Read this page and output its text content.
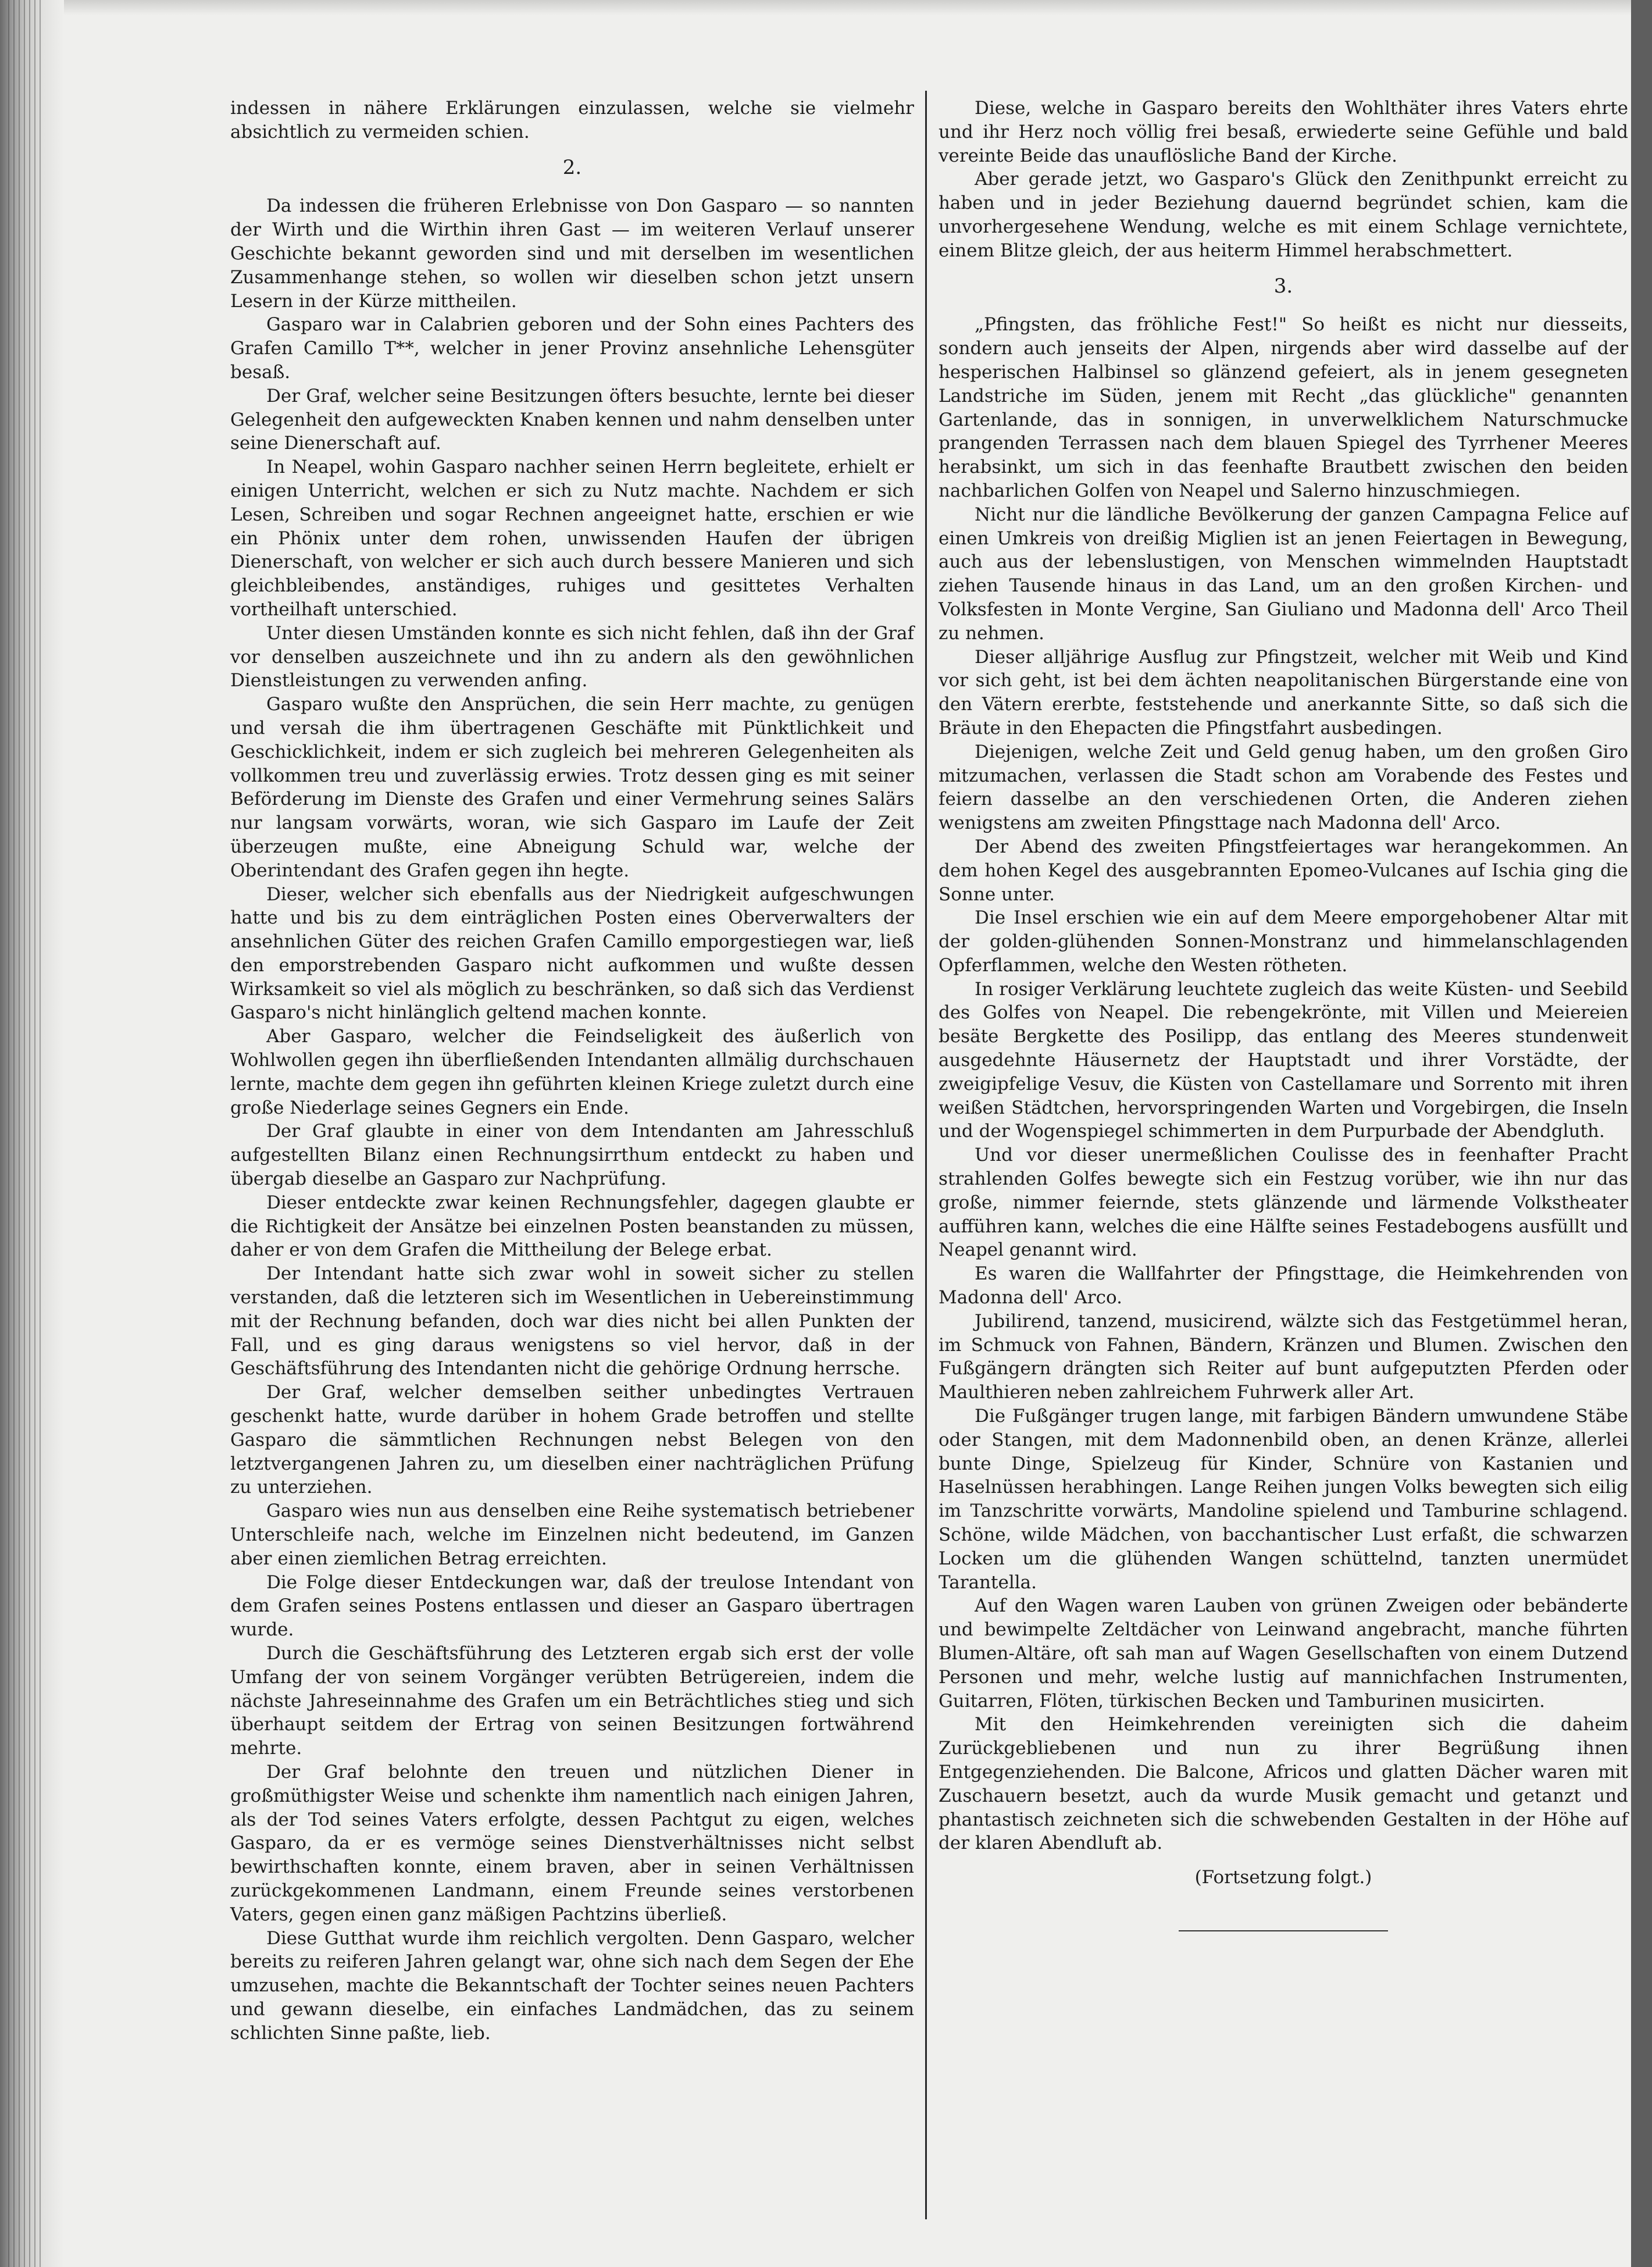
indessen in nähere Erklärungen einzulassen, welche sie vielmehr absichtlich zu vermeiden schien.

2.

Da indessen die früheren Erlebnisse von Don Gasparo — so nannten der Wirth und die Wirthin ihren Gast — im weiteren Verlauf unserer Geschichte bekannt geworden sind und mit derselben im wesentlichen Zusammenhange stehen, so wollen wir dieselben schon jetzt unsern Lesern in der Kürze mittheilen.

Gasparo war in Calabrien geboren und der Sohn eines Pachters des Grafen Camillo T**, welcher in jener Provinz ansehnliche Lehensgüter besaß.

Der Graf, welcher seine Besitzungen öfters besuchte, lernte bei dieser Gelegenheit den aufgeweckten Knaben kennen und nahm denselben unter seine Dienerschaft auf.

In Neapel, wohin Gasparo nachher seinen Herrn begleitete, erhielt er einigen Unterricht, welchen er sich zu Nutz machte. Nachdem er sich Lesen, Schreiben und sogar Rechnen angeeignet hatte, erschien er wie ein Phönix unter dem rohen, unwissenden Haufen der übrigen Dienerschaft, von welcher er sich auch durch bessere Manieren und sich gleichbleibendes, anständiges, ruhiges und gesittetes Verhalten vortheilhaft unterschied.

Unter diesen Umständen konnte es sich nicht fehlen, daß ihn der Graf vor denselben auszeichnete und ihn zu andern als den gewöhnlichen Dienstleistungen zu verwenden anfing.

Gasparo wußte den Ansprüchen, die sein Herr machte, zu genügen und versah die ihm übertragenen Geschäfte mit Pünktlichkeit und Geschicklichkeit, indem er sich zugleich bei mehreren Gelegenheiten als vollkommen treu und zuverlässig erwies. Trotz dessen ging es mit seiner Beförderung im Dienste des Grafen und einer Vermehrung seines Salärs nur langsam vorwärts, woran, wie sich Gasparo im Laufe der Zeit überzeugen mußte, eine Abneigung Schuld war, welche der Oberintendant des Grafen gegen ihn hegte.

Dieser, welcher sich ebenfalls aus der Niedrigkeit aufgeschwungen hatte und bis zu dem einträglichen Posten eines Oberverwalters der ansehnlichen Güter des reichen Grafen Camillo emporgestiegen war, ließ den emporstrebenden Gasparo nicht aufkommen und wußte dessen Wirksamkeit so viel als möglich zu beschränken, so daß sich das Verdienst Gasparo's nicht hinlänglich geltend machen konnte.

Aber Gasparo, welcher die Feindseligkeit des äußerlich von Wohlwollen gegen ihn überfließenden Intendanten allmälig durchschauen lernte, machte dem gegen ihn geführten kleinen Kriege zuletzt durch eine große Niederlage seines Gegners ein Ende.

Der Graf glaubte in einer von dem Intendanten am Jahresschluß aufgestellten Bilanz einen Rechnungsirrthum entdeckt zu haben und übergab dieselbe an Gasparo zur Nachprüfung.

Dieser entdeckte zwar keinen Rechnungsfehler, dagegen glaubte er die Richtigkeit der Ansätze bei einzelnen Posten beanstanden zu müssen, daher er von dem Grafen die Mittheilung der Belege erbat.

Der Intendant hatte sich zwar wohl in soweit sicher zu stellen verstanden, daß die letzteren sich im Wesentlichen in Uebereinstimmung mit der Rechnung befanden, doch war dies nicht bei allen Punkten der Fall, und es ging daraus wenigstens so viel hervor, daß in der Geschäftsführung des Intendanten nicht die gehörige Ordnung herrsche.

Der Graf, welcher demselben seither unbedingtes Vertrauen geschenkt hatte, wurde darüber in hohem Grade betroffen und stellte Gasparo die sämmtlichen Rechnungen nebst Belegen von den letztvergangenen Jahren zu, um dieselben einer nachträglichen Prüfung zu unterziehen.

Gasparo wies nun aus denselben eine Reihe systematisch betriebener Unterschleife nach, welche im Einzelnen nicht bedeutend, im Ganzen aber einen ziemlichen Betrag erreichten.

Die Folge dieser Entdeckungen war, daß der treulose Intendant von dem Grafen seines Postens entlassen und dieser an Gasparo übertragen wurde.

Durch die Geschäftsführung des Letzteren ergab sich erst der volle Umfang der von seinem Vorgänger verübten Betrügereien, indem die nächste Jahreseinnahme des Grafen um ein Beträchtliches stieg und sich überhaupt seitdem der Ertrag von seinen Besitzungen fortwährend mehrte.

Der Graf belohnte den treuen und nützlichen Diener in großmüthigster Weise und schenkte ihm namentlich nach einigen Jahren, als der Tod seines Vaters erfolgte, dessen Pachtgut zu eigen, welches Gasparo, da er es vermöge seines Dienstverhältnisses nicht selbst bewirthschaften konnte, einem braven, aber in seinen Verhältnissen zurückgekommenen Landmann, einem Freunde seines verstorbenen Vaters, gegen einen ganz mäßigen Pachtzins überließ.

Diese Gutthat wurde ihm reichlich vergolten. Denn Gasparo, welcher bereits zu reiferen Jahren gelangt war, ohne sich nach dem Segen der Ehe umzusehen, machte die Bekanntschaft der Tochter seines neuen Pachters und gewann dieselbe, ein einfaches Landmädchen, das zu seinem schlichten Sinne paßte, lieb.

Diese, welche in Gasparo bereits den Wohlthäter ihres Vaters ehrte und ihr Herz noch völlig frei besaß, erwiederte seine Gefühle und bald vereinte Beide das unauflösliche Band der Kirche.

Aber gerade jetzt, wo Gasparo's Glück den Zenithpunkt erreicht zu haben und in jeder Beziehung dauernd begründet schien, kam die unvorhergesehene Wendung, welche es mit einem Schlage vernichtete, einem Blitze gleich, der aus heiterm Himmel herabschmettert.

3.

„Pfingsten, das fröhliche Fest!" So heißt es nicht nur diesseits, sondern auch jenseits der Alpen, nirgends aber wird dasselbe auf der hesperischen Halbinsel so glänzend gefeiert, als in jenem gesegneten Landstriche im Süden, jenem mit Recht „das glückliche" genannten Gartenlande, das in sonnigen, in unverwelklichem Naturschmucke prangenden Terrassen nach dem blauen Spiegel des Tyrrhener Meeres herabsinkt, um sich in das feenhafte Brautbett zwischen den beiden nachbarlichen Golfen von Neapel und Salerno hinzuschmiegen.

Nicht nur die ländliche Bevölkerung der ganzen Campagna Felice auf einen Umkreis von dreißig Miglien ist an jenen Feiertagen in Bewegung, auch aus der lebenslustigen, von Menschen wimmelnden Hauptstadt ziehen Tausende hinaus in das Land, um an den großen Kirchen- und Volksfesten in Monte Vergine, San Giuliano und Madonna dell' Arco Theil zu nehmen.

Dieser alljährige Ausflug zur Pfingstzeit, welcher mit Weib und Kind vor sich geht, ist bei dem ächten neapolitanischen Bürgerstande eine von den Vätern ererbte, feststehende und anerkannte Sitte, so daß sich die Bräute in den Ehepacten die Pfingstfahrt ausbedingen.

Diejenigen, welche Zeit und Geld genug haben, um den großen Giro mitzumachen, verlassen die Stadt schon am Vorabende des Festes und feiern dasselbe an den verschiedenen Orten, die Anderen ziehen wenigstens am zweiten Pfingsttage nach Madonna dell' Arco.

Der Abend des zweiten Pfingstfeiertages war herangekommen. An dem hohen Kegel des ausgebrannten Epomeo-Vulcanes auf Ischia ging die Sonne unter.

Die Insel erschien wie ein auf dem Meere emporgehobener Altar mit der golden-glühenden Sonnen-Monstranz und himmelanschlagenden Opferflammen, welche den Westen rötheten.

In rosiger Verklärung leuchtete zugleich das weite Küsten- und Seebild des Golfes von Neapel. Die rebengekrönte, mit Villen und Meiereien besäte Bergkette des Posilipp, das entlang des Meeres stundenweit ausgedehnte Häusernetz der Hauptstadt und ihrer Vorstädte, der zweigipfelige Vesuv, die Küsten von Castellamare und Sorrento mit ihren weißen Städtchen, hervorspringenden Warten und Vorgebirgen, die Inseln und der Wogenspiegel schimmerten in dem Purpurbade der Abendgluth.

Und vor dieser unermeßlichen Coulisse des in feenhafter Pracht strahlenden Golfes bewegte sich ein Festzug vorüber, wie ihn nur das große, nimmer feiernde, stets glänzende und lärmende Volkstheater aufführen kann, welches die eine Hälfte seines Festadebogens ausfüllt und Neapel genannt wird.

Es waren die Wallfahrter der Pfingsttage, die Heimkehrenden von Madonna dell' Arco.

Jubilirend, tanzend, musicirend, wälzte sich das Festgetümmel heran, im Schmuck von Fahnen, Bändern, Kränzen und Blumen. Zwischen den Fußgängern drängten sich Reiter auf bunt aufgeputzten Pferden oder Maulthieren neben zahlreichem Fuhrwerk aller Art.

Die Fußgänger trugen lange, mit farbigen Bändern umwundene Stäbe oder Stangen, mit dem Madonnenbild oben, an denen Kränze, allerlei bunte Dinge, Spielzeug für Kinder, Schnüre von Kastanien und Haselnüssen herabhingen. Lange Reihen jungen Volks bewegten sich eilig im Tanzschritte vorwärts, Mandoline spielend und Tamburine schlagend. Schöne, wilde Mädchen, von bacchantischer Lust erfaßt, die schwarzen Locken um die glühenden Wangen schüttelnd, tanzten unermüdet Tarantella.

Auf den Wagen waren Lauben von grünen Zweigen oder bebänderte und bewimpelte Zeltdächer von Leinwand angebracht, manche führten Blumen-Altäre, oft sah man auf Wagen Gesellschaften von einem Dutzend Personen und mehr, welche lustig auf mannichfachen Instrumenten, Guitarren, Flöten, türkischen Becken und Tamburinen musicirten.

Mit den Heimkehrenden vereinigten sich die daheim Zurückgebliebenen und nun zu ihrer Begrüßung ihnen Entgegenziehenden. Die Balcone, Africos und glatten Dächer waren mit Zuschauern besetzt, auch da wurde Musik gemacht und getanzt und phantastisch zeichneten sich die schwebenden Gestalten in der Höhe auf der klaren Abendluft ab.

(Fortsetzung folgt.)
